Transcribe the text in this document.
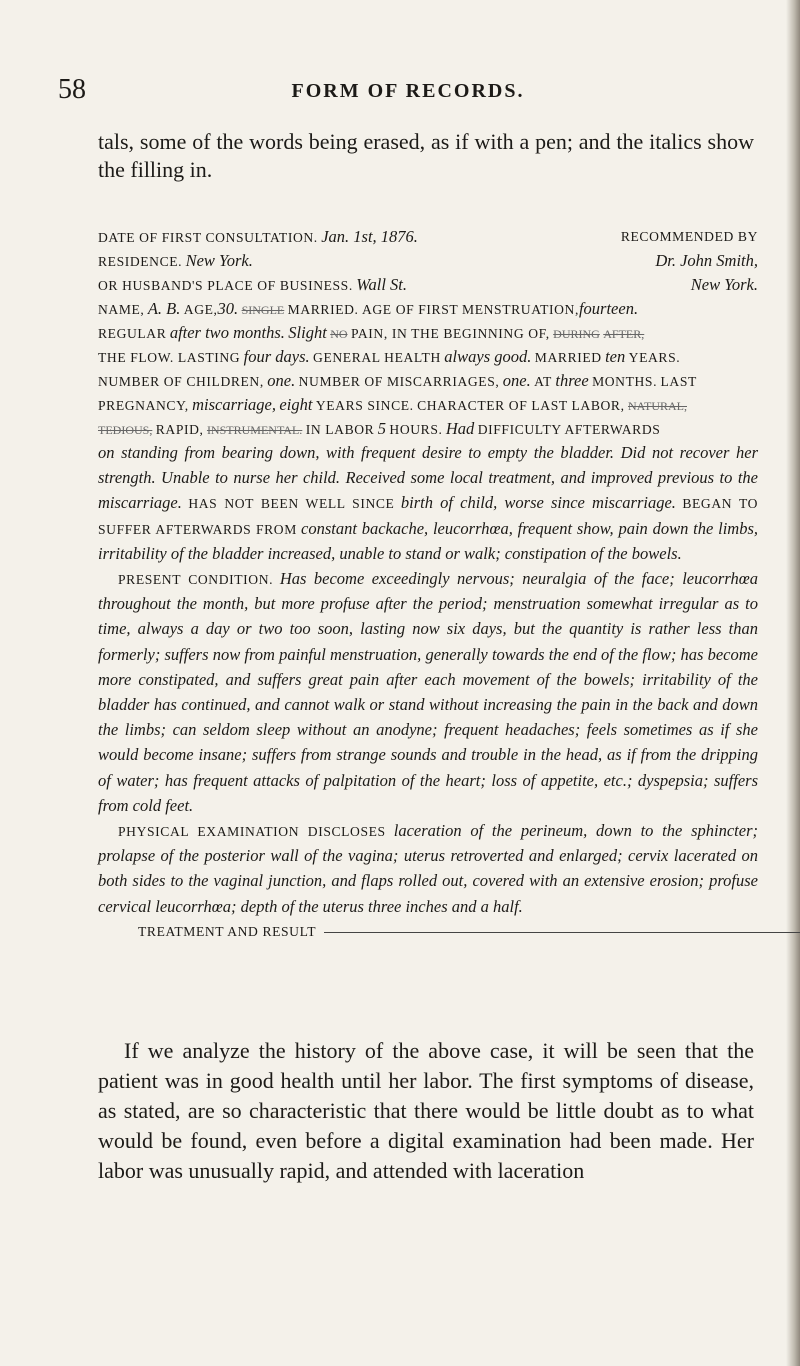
58	FORM OF RECORDS.

tals, some of the words being erased, as if with a pen; and the italics show the filling in.

DATE OF FIRST CONSULTATION. Jan. 1st, 1876.	RECOMMENDED BY
RESIDENCE. New York.	Dr. John Smith,
OR HUSBAND'S PLACE OF BUSINESS. Wall St.	New York.
NAME, A. B. AGE,30. SINGLE MARRIED. AGE OF FIRST MENSTRUATION,fourteen.
REGULAR after two months. Slight NO PAIN, IN THE BEGINNING OF, DURING AFTER,
THE FLOW. LASTING four days. GENERAL HEALTH always good. MARRIED ten YEARS.
NUMBER OF CHILDREN, one. NUMBER OF MISCARRIAGES, one. AT three MONTHS. LAST
PREGNANCY, miscarriage, eight YEARS SINCE. CHARACTER OF LAST LABOR, NATURAL,
TEDIOUS, RAPID, INSTRUMENTAL. IN LABOR 5 HOURS. Had DIFFICULTY AFTERWARDS

on standing from bearing down, with frequent desire to empty the bladder. Did not recover her strength. Unable to nurse her child. Received some local treatment, and improved previous to the miscarriage. HAS NOT BEEN WELL SINCE birth of child, worse since miscarriage. BEGAN TO SUFFER AFTERWARDS FROM constant backache, leucorrhœa, frequent show, pain down the limbs, irritability of the bladder increased, unable to stand or walk; constipation of the bowels.

PRESENT CONDITION. Has become exceedingly nervous; neuralgia of the face; leucorrhœa throughout the month, but more profuse after the period; menstruation somewhat irregular as to time, always a day or two too soon, lasting now six days, but the quantity is rather less than formerly; suffers now from painful menstruation, generally towards the end of the flow; has become more constipated, and suffers great pain after each movement of the bowels; irritability of the bladder has continued, and cannot walk or stand without increasing the pain in the back and down the limbs; can seldom sleep without an anodyne; frequent headaches; feels sometimes as if she would become insane; suffers from strange sounds and trouble in the head, as if from the dripping of water; has frequent attacks of palpitation of the heart; loss of appetite, etc.; dyspepsia; suffers from cold feet.

PHYSICAL EXAMINATION DISCLOSES laceration of the perineum, down to the sphincter; prolapse of the posterior wall of the vagina; uterus retroverted and enlarged; cervix lacerated on both sides to the vaginal junction, and flaps rolled out, covered with an extensive erosion; profuse cervical leucorrhœa; depth of the uterus three inches and a half.

TREATMENT AND RESULT

If we analyze the history of the above case, it will be seen that the patient was in good health until her labor. The first symptoms of disease, as stated, are so characteristic that there would be little doubt as to what would be found, even before a digital examination had been made. Her labor was unusually rapid, and attended with laceration
